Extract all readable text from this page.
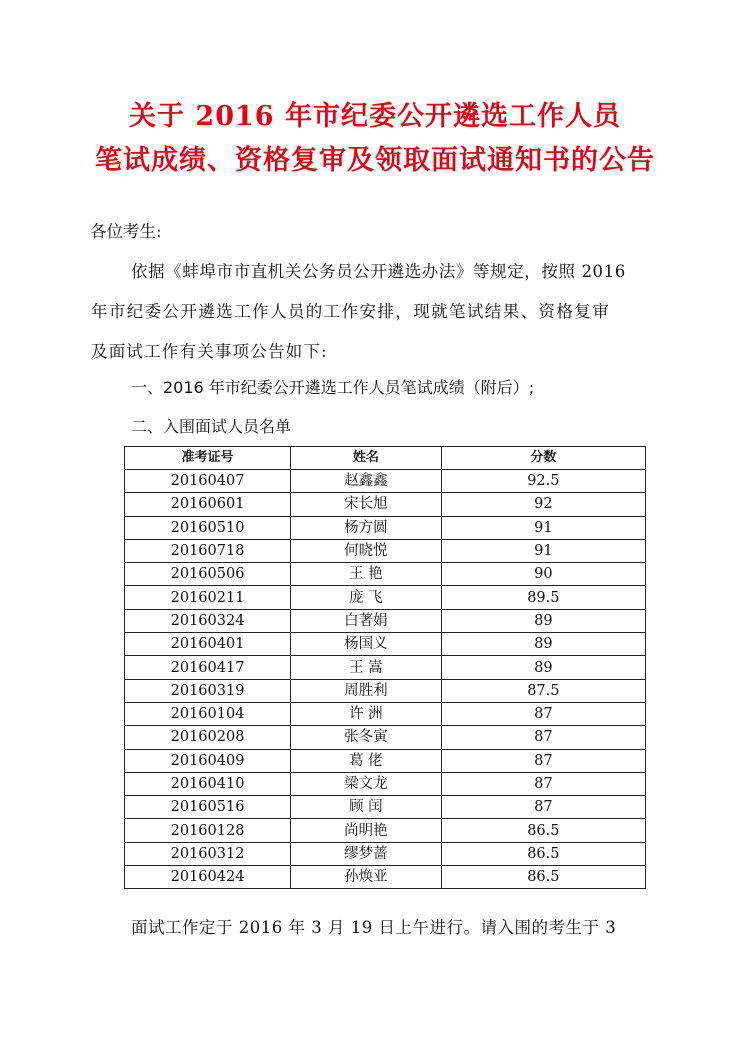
关于 2016 年市纪委公开遴选工作人员
笔试成绩、资格复审及领取面试通知书的公告

各位考生:

依据《蚌埠市市直机关公务员公开遴选办法》等规定，按照 2016

年市纪委公开遴选工作人员的工作安排，现就笔试结果、资格复审

及面试工作有关事项公告如下:

一、2016 年市纪委公开遴选工作人员笔试成绩（附后）;

二、入围面试人员名单

准考证号	姓名	分数
20160407	赵鑫鑫	92.5
20160601	宋长旭	92
20160510	杨方圆	91
20160718	何晓悦	91
20160506	王 艳	90
20160211	庞 飞	89.5
20160324	白著娟	89
20160401	杨国义	89
20160417	王 嵩	89
20160319	周胜利	87.5
20160104	许 洲	87
20160208	张冬寅	87
20160409	葛 佬	87
20160410	梁文龙	87
20160516	顾 闰	87
20160128	尚明艳	86.5
20160312	缪梦蔷	86.5
20160424	孙焕亚	86.5

面试工作定于 2016 年 3 月 19 日上午进行。请入围的考生于 3
